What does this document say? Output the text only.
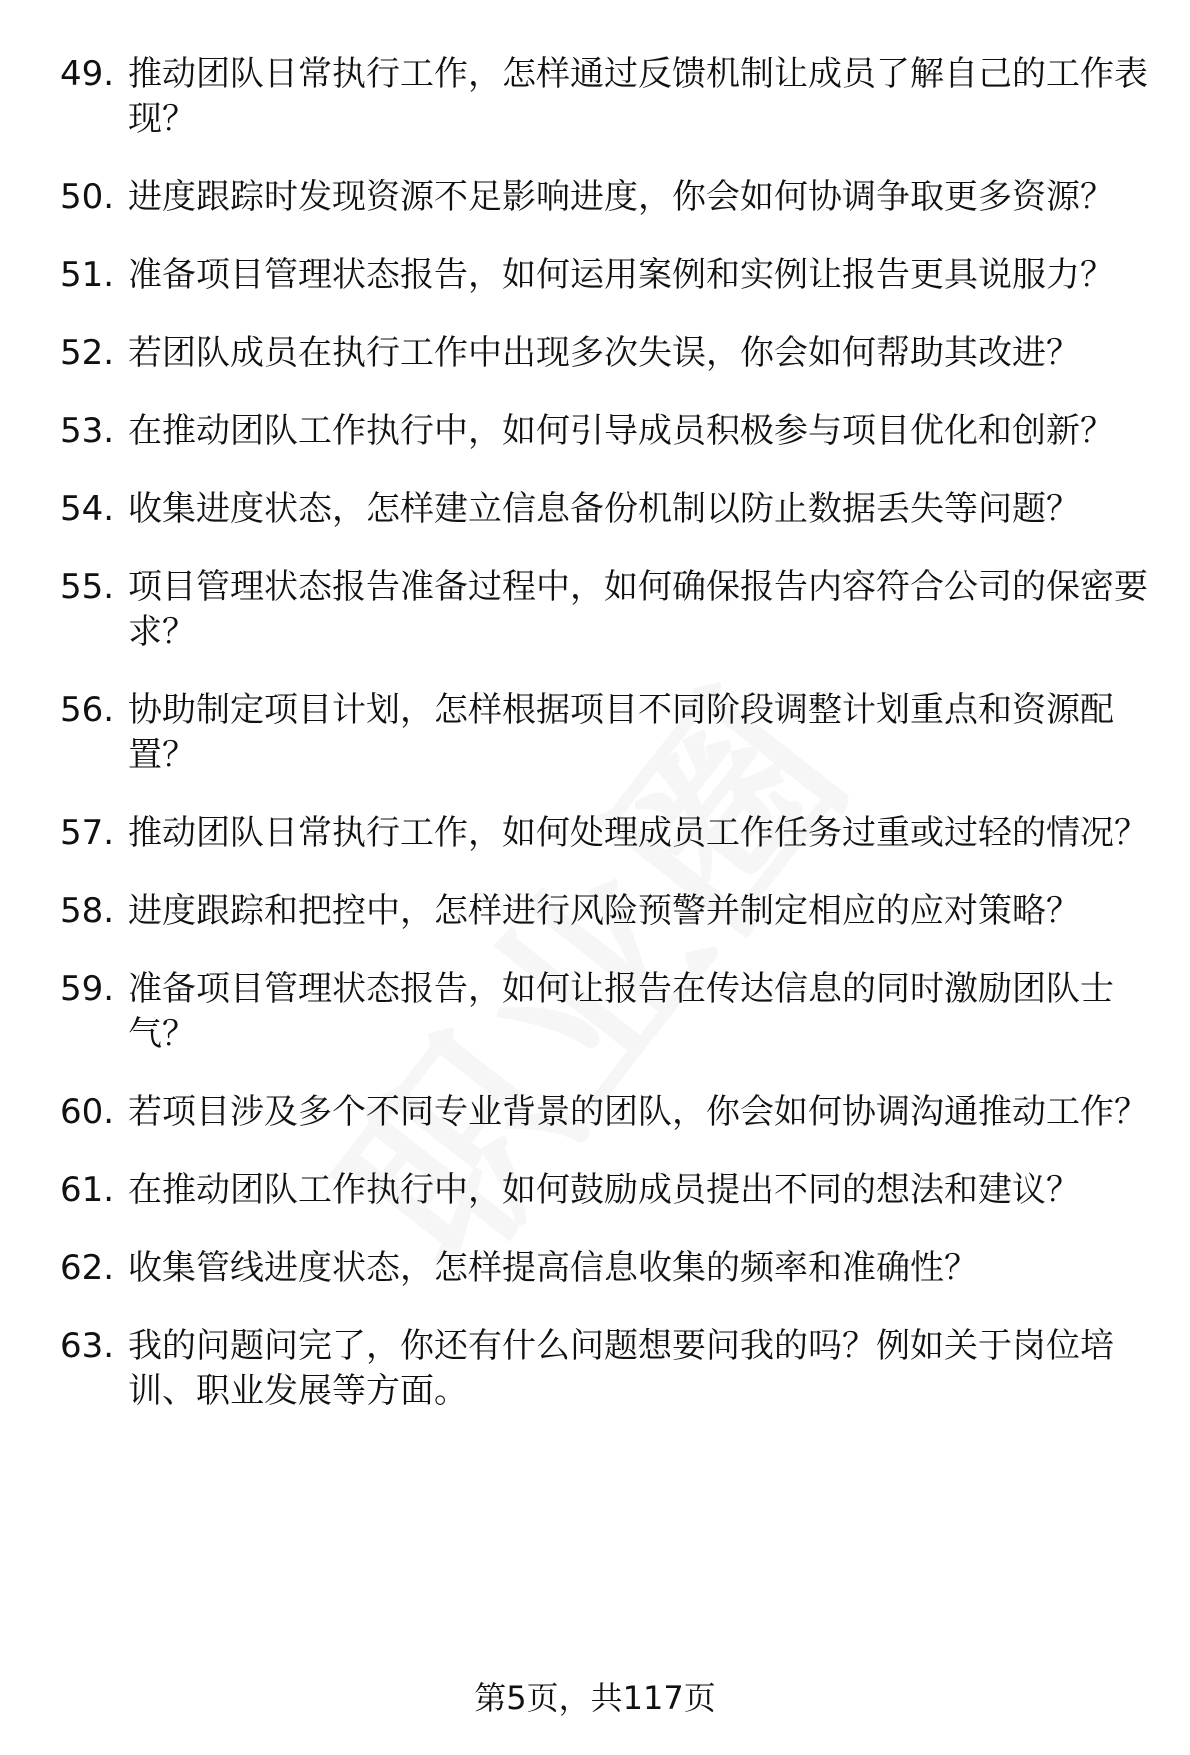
49. 推动团队日常执行工作，怎样通过反馈机制让成员了解自己的工作表现？
50. 进度跟踪时发现资源不足影响进度，你会如何协调争取更多资源？
51. 准备项目管理状态报告，如何运用案例和实例让报告更具说服力？
52. 若团队成员在执行工作中出现多次失误，你会如何帮助其改进？
53. 在推动团队工作执行中，如何引导成员积极参与项目优化和创新？
54. 收集进度状态，怎样建立信息备份机制以防止数据丢失等问题？
55. 项目管理状态报告准备过程中，如何确保报告内容符合公司的保密要求？
56. 协助制定项目计划，怎样根据项目不同阶段调整计划重点和资源配置？
57. 推动团队日常执行工作，如何处理成员工作任务过重或过轻的情况？
58. 进度跟踪和把控中，怎样进行风险预警并制定相应的应对策略？
59. 准备项目管理状态报告，如何让报告在传达信息的同时激励团队士气？
60. 若项目涉及多个不同专业背景的团队，你会如何协调沟通推动工作？
61. 在推动团队工作执行中，如何鼓励成员提出不同的想法和建议？
62. 收集管线进度状态，怎样提高信息收集的频率和准确性？
63. 我的问题问完了，你还有什么问题想要问我的吗？例如关于岗位培训、职业发展等方面。
第5页，共117页
